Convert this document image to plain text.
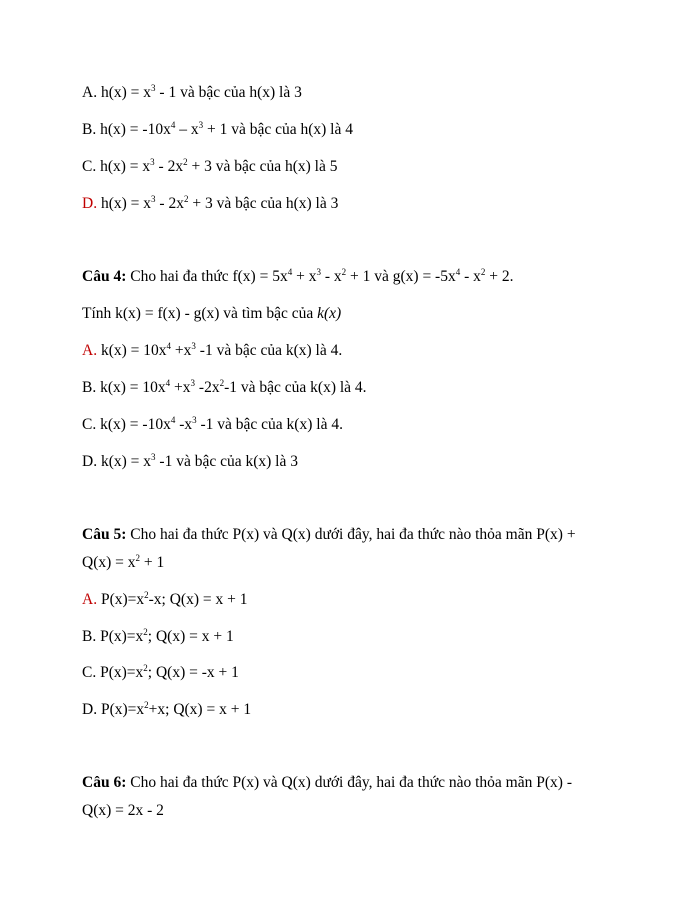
A. $h(x) = x^3 - 1$ và bậc của h(x) là 3
B. $h(x) = -10x^4 - x^3 + 1$ và bậc của h(x) là 4
C. $h(x) = x^3 - 2x^2 + 3$ và bậc của h(x) là 5
D. $h(x) = x^3 - 2x^2 + 3$ và bậc của h(x) là 3
Câu 4: Cho hai đa thức $f(x) = 5x^4 + x^3 - x^2 + 1$ và $g(x) = -5x^4 - x^2 + 2$.
Tính k(x) = f(x) - g(x) và tìm bậc của k(x)
A. $k(x) = 10x^4 +x^3$ -1 và bậc của k(x) là 4.
B. $k(x) = 10x^4 +x^3$ $-2x^2-1$ và bậc của k(x) là 4.
C. $k(x) = -10x^4$ $-x^3$ -1 và bậc của k(x) là 4.
D. $k(x) = x^3$ -1 và bậc của k(x) là 3
Câu 5: Cho hai đa thức P(x) và Q(x) dưới đây, hai đa thức nào thỏa mãn P(x) +
$Q(x) = x^2 + 1$
A. $P(x)=x^2-x$; Q(x) = x + 1
B. $P(x)=x^2$; Q(x) = x + 1
C. $P(x)=x^2$; Q(x) = -x + 1
D. $P(x)=x^2+x$; Q(x) = x + 1
Câu 6: Cho hai đa thức P(x) và Q(x) dưới đây, hai đa thức nào thỏa mãn P(x) -
Q(x) = 2x - 2
